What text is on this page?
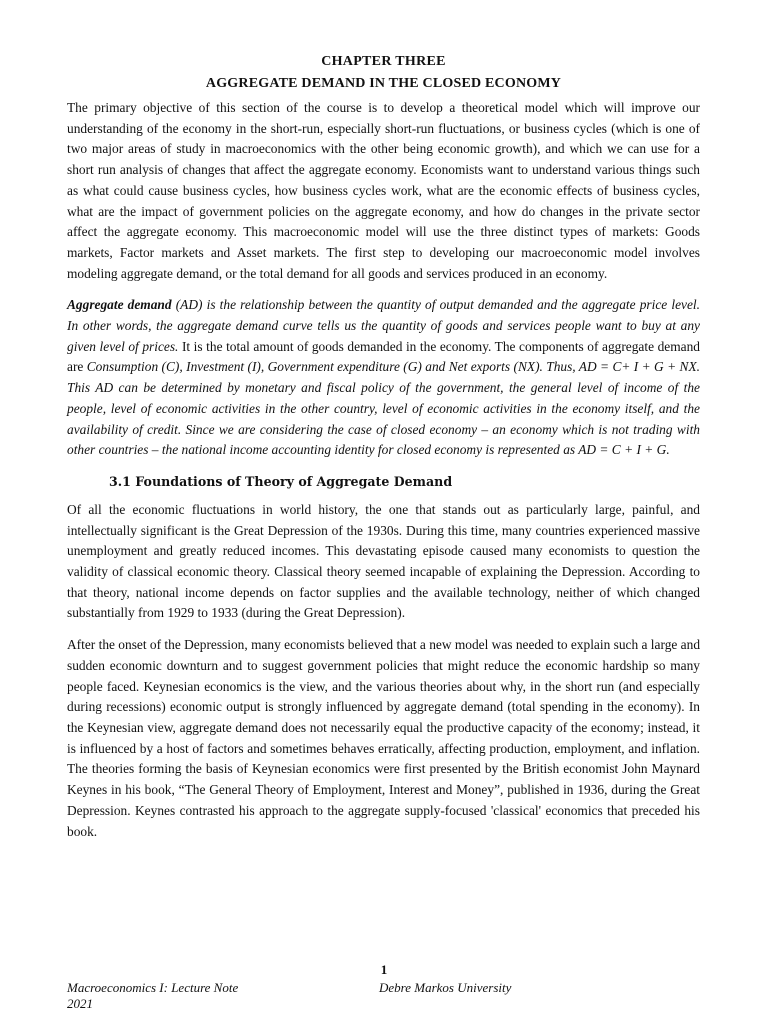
CHAPTER THREE
AGGREGATE DEMAND IN THE CLOSED ECONOMY

The primary objective of this section of the course is to develop a theoretical model which will improve our understanding of the economy in the short-run, especially short-run fluctuations, or business cycles (which is one of two major areas of study in macroeconomics with the other being economic growth), and which we can use for a short run analysis of changes that affect the aggregate economy. Economists want to understand various things such as what could cause business cycles, how business cycles work, what are the economic effects of business cycles, what are the impact of government policies on the aggregate economy, and how do changes in the private sector affect the aggregate economy. This macroeconomic model will use the three distinct types of markets: Goods markets, Factor markets and Asset markets. The first step to developing our macroeconomic model involves modeling aggregate demand, or the total demand for all goods and services produced in an economy.

Aggregate demand (AD) is the relationship between the quantity of output demanded and the aggregate price level. In other words, the aggregate demand curve tells us the quantity of goods and services people want to buy at any given level of prices. It is the total amount of goods demanded in the economy. The components of aggregate demand are Consumption (C), Investment (I), Government expenditure (G) and Net exports (NX). Thus, AD = C+ I + G + NX. This AD can be determined by monetary and fiscal policy of the government, the general level of income of the people, level of economic activities in the other country, level of economic activities in the economy itself, and the availability of credit. Since we are considering the case of closed economy – an economy which is not trading with other countries – the national income accounting identity for closed economy is represented as AD = C + I + G.

3.1 Foundations of Theory of Aggregate Demand

Of all the economic fluctuations in world history, the one that stands out as particularly large, painful, and intellectually significant is the Great Depression of the 1930s. During this time, many countries experienced massive unemployment and greatly reduced incomes. This devastating episode caused many economists to question the validity of classical economic theory. Classical theory seemed incapable of explaining the Depression. According to that theory, national income depends on factor supplies and the available technology, neither of which changed substantially from 1929 to 1933 (during the Great Depression).

After the onset of the Depression, many economists believed that a new model was needed to explain such a large and sudden economic downturn and to suggest government policies that might reduce the economic hardship so many people faced. Keynesian economics is the view, and the various theories about why, in the short run (and especially during recessions) economic output is strongly influenced by aggregate demand (total spending in the economy). In the Keynesian view, aggregate demand does not necessarily equal the productive capacity of the economy; instead, it is influenced by a host of factors and sometimes behaves erratically, affecting production, employment, and inflation. The theories forming the basis of Keynesian economics were first presented by the British economist John Maynard Keynes in his book, “The General Theory of Employment, Interest and Money”, published in 1936, during the Great Depression. Keynes contrasted his approach to the aggregate supply-focused 'classical' economics that preceded his book.

1
Macroeconomics I: Lecture Note
2021
Debre Markos University
